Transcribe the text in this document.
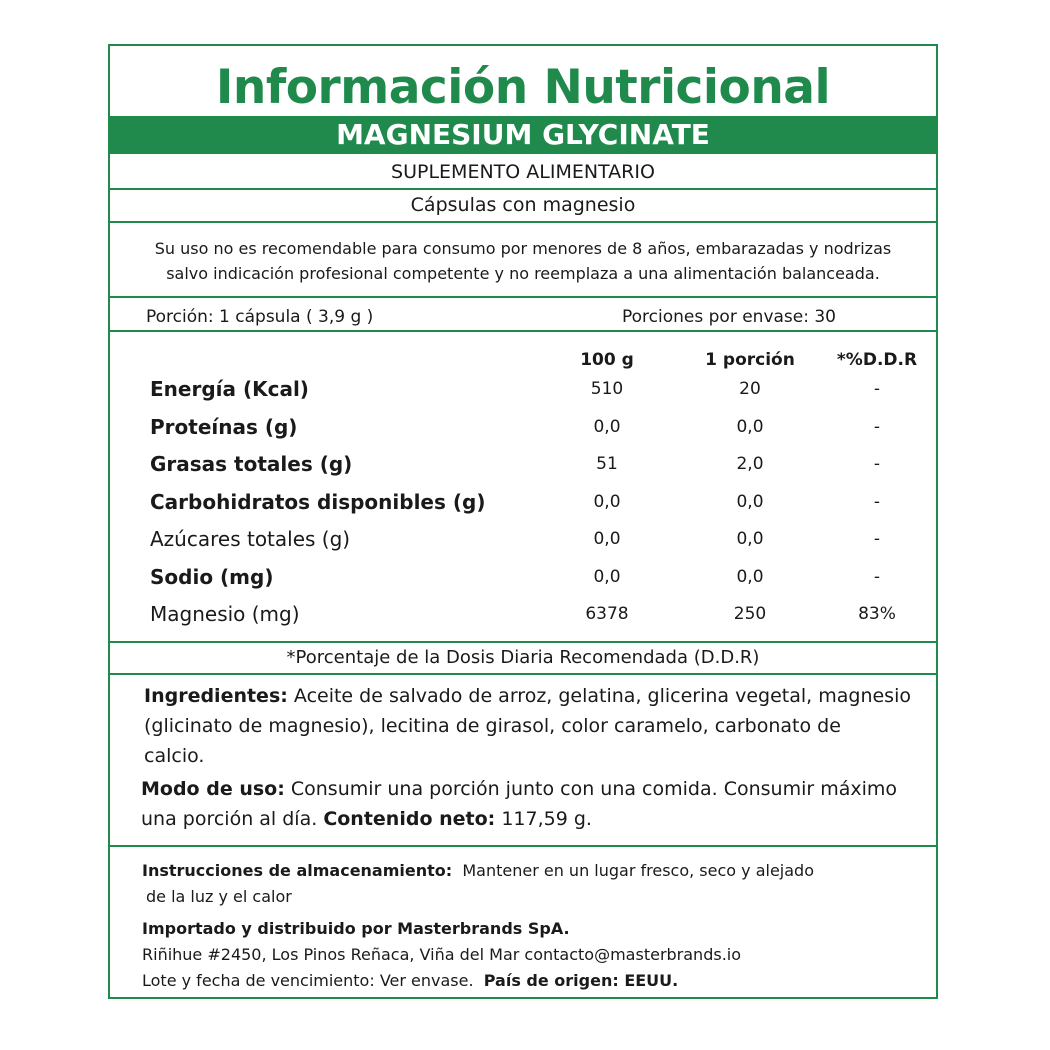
Información Nutricional
MAGNESIUM GLYCINATE
SUPLEMENTO ALIMENTARIO
Cápsulas con magnesio
Su uso no es recomendable para consumo por menores de 8 años, embarazadas y nodrizas
salvo indicación profesional competente y no reemplaza a una alimentación balanceada.
Porción: 1 cápsula ( 3,9 g )	Porciones por envase: 30
100 g	1 porción	*%D.D.R
Energía (Kcal)	510	20	-
Proteínas (g)	0,0	0,0	-
Grasas totales (g)	51	2,0	-
Carbohidratos disponibles (g)	0,0	0,0	-
Azúcares totales (g)	0,0	0,0	-
Sodio (mg)	0,0	0,0	-
Magnesio (mg)	6378	250	83%
*Porcentaje de la Dosis Diaria Recomendada (D.D.R)
Ingredientes: Aceite de salvado de arroz, gelatina, glicerina vegetal, magnesio
(glicinato de magnesio), lecitina de girasol, color caramelo, carbonato de
calcio.
Modo de uso: Consumir una porción junto con una comida. Consumir máximo
una porción al día. Contenido neto: 117,59 g.
Instrucciones de almacenamiento: Mantener en un lugar fresco, seco y alejado
de la luz y el calor
Importado y distribuido por Masterbrands SpA.
Riñihue #2450, Los Pinos Reñaca, Viña del Mar contacto@masterbrands.io
Lote y fecha de vencimiento: Ver envase. País de origen: EEUU.
